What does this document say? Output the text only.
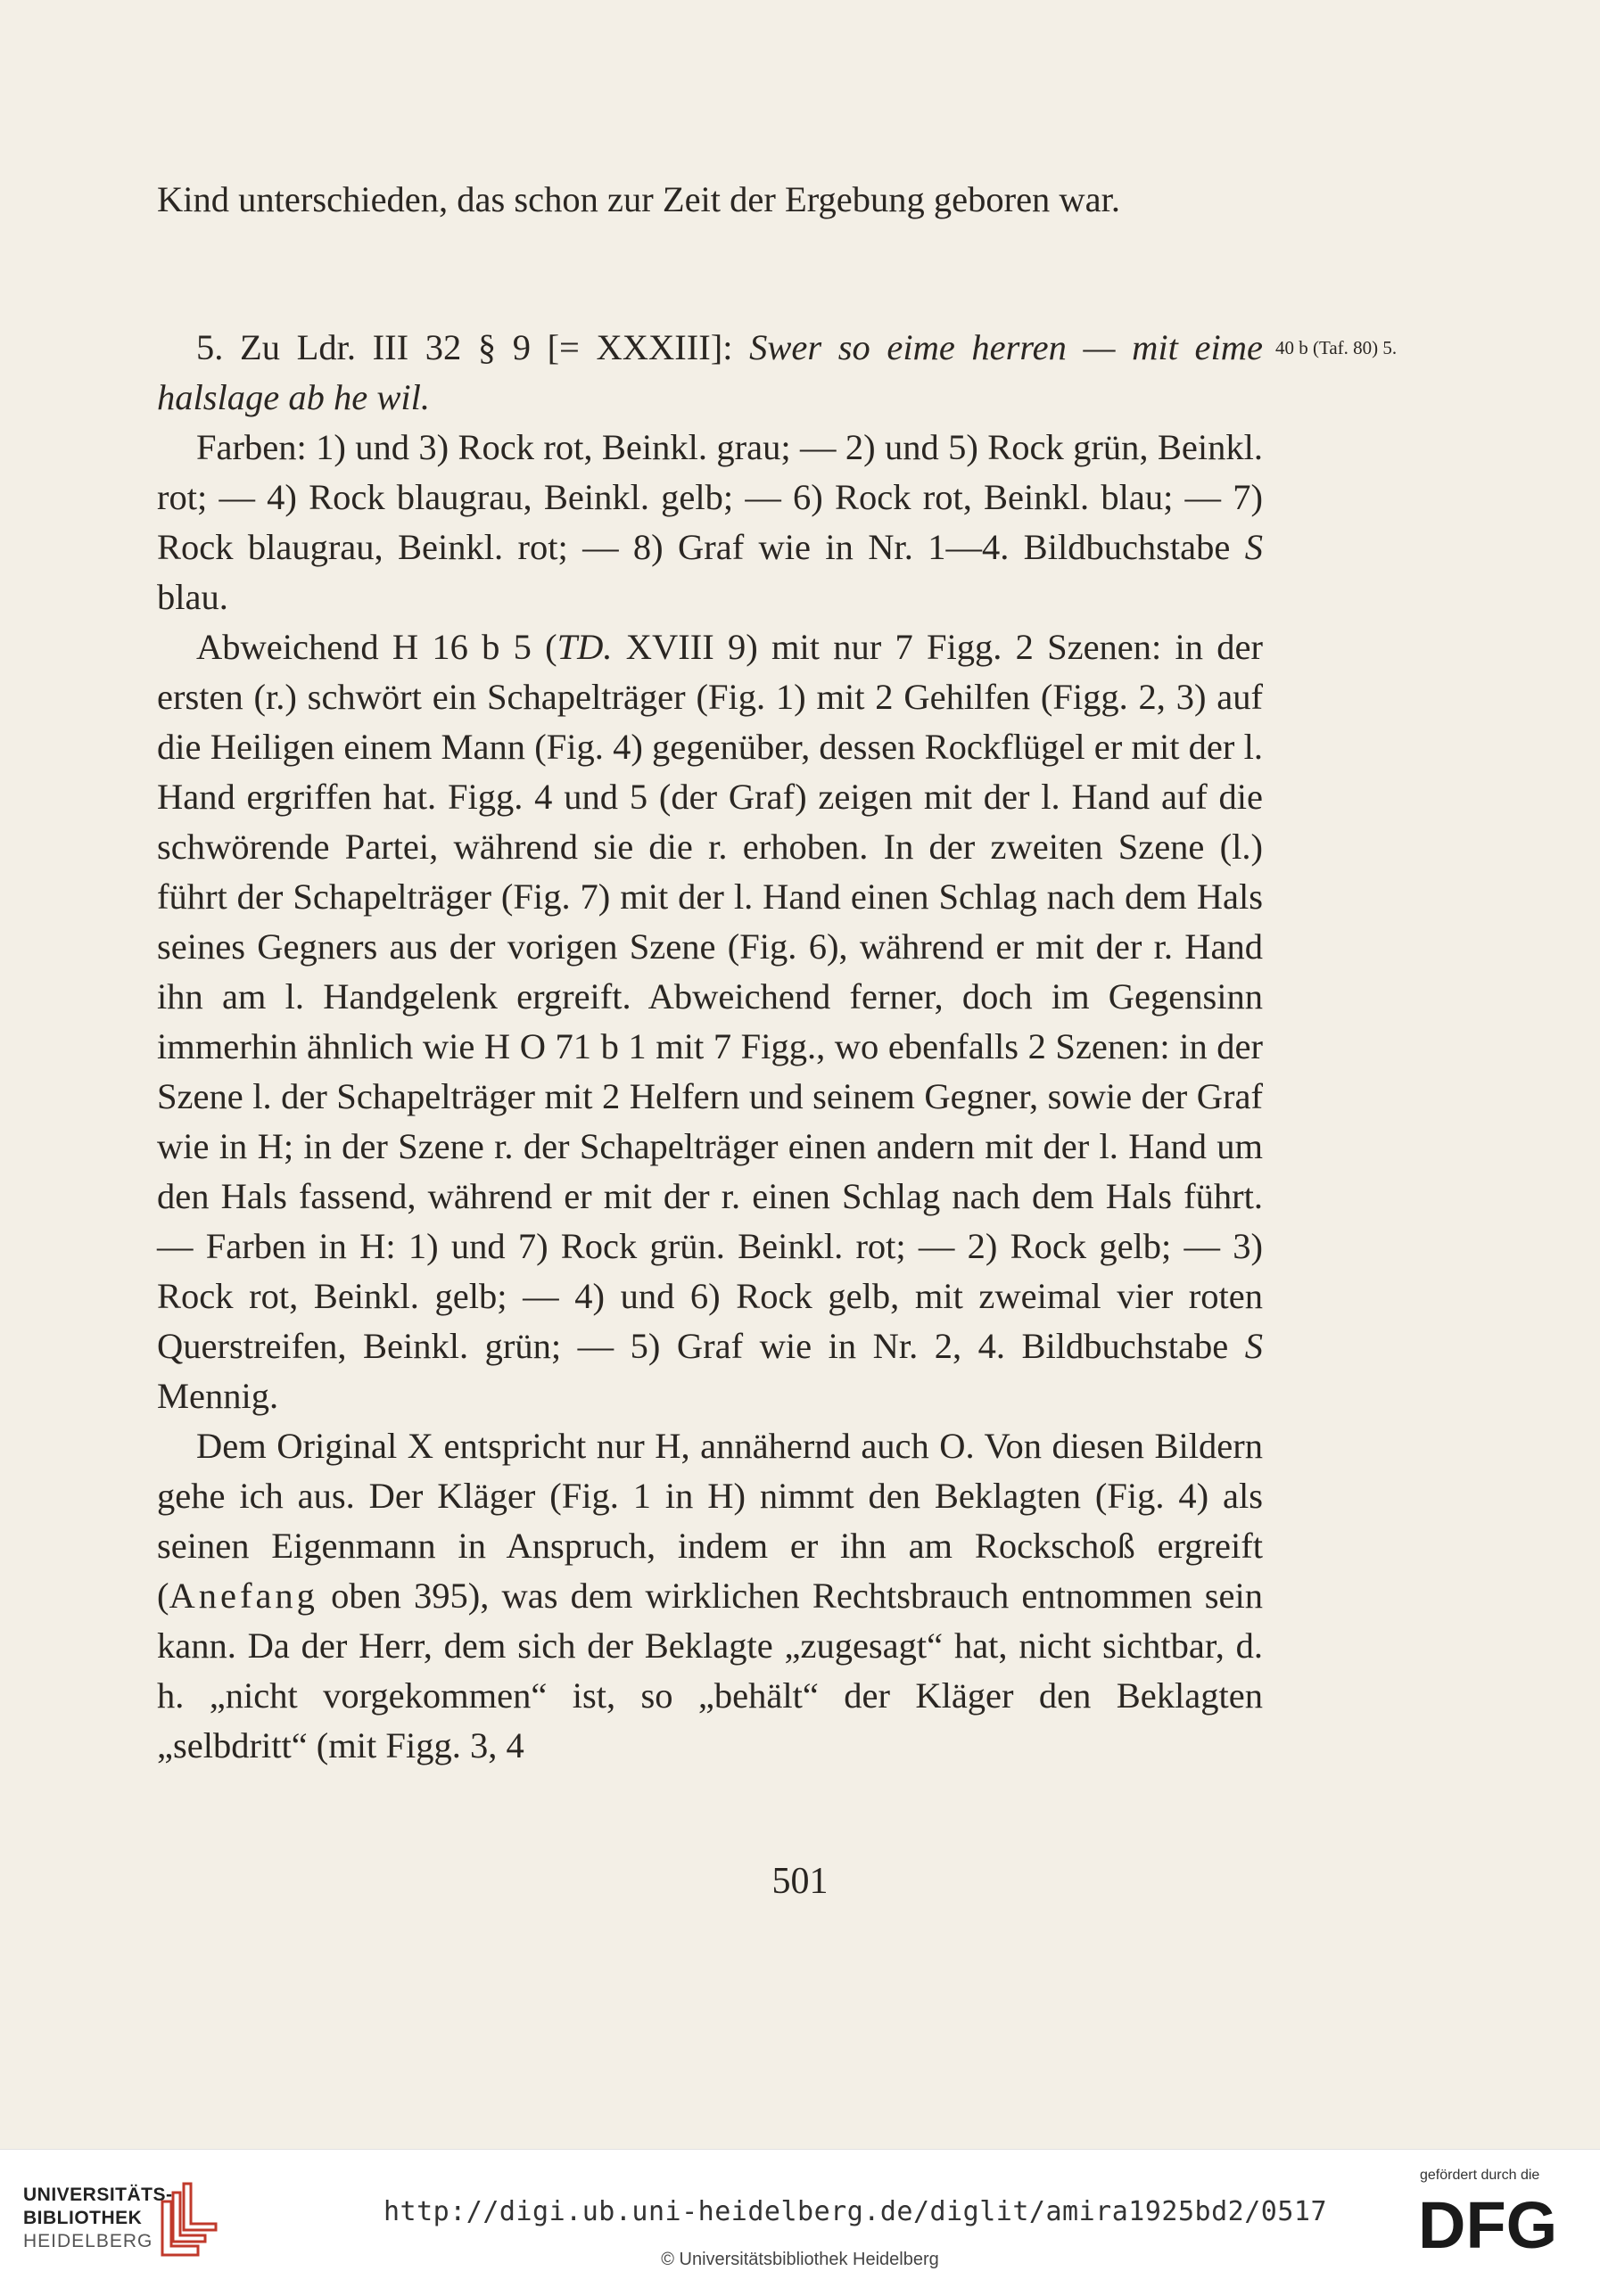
Kind unterschieden, das schon zur Zeit der Ergebung geboren war.

40 b (Taf. 80) 5.

5. Zu Ldr. III 32 § 9 [= XXXIII]: Swer so eime herren — mit eime halslage ab he wil.

Farben: 1) und 3) Rock rot, Beinkl. grau; — 2) und 5) Rock grün, Beinkl. rot; — 4) Rock blaugrau, Beinkl. gelb; — 6) Rock rot, Beinkl. blau; — 7) Rock blaugrau, Beinkl. rot; — 8) Graf wie in Nr. 1—4. Bildbuchstabe S blau.

Abweichend H 16 b 5 (TD. XVIII 9) mit nur 7 Figg. 2 Szenen: in der ersten (r.) schwört ein Schapelträger (Fig. 1) mit 2 Gehilfen (Figg. 2, 3) auf die Heiligen einem Mann (Fig. 4) gegenüber, dessen Rockflügel er mit der l. Hand ergriffen hat. Figg. 4 und 5 (der Graf) zeigen mit der l. Hand auf die schwörende Partei, während sie die r. erhoben. In der zweiten Szene (l.) führt der Schapelträger (Fig. 7) mit der l. Hand einen Schlag nach dem Hals seines Gegners aus der vorigen Szene (Fig. 6), während er mit der r. Hand ihn am l. Handgelenk ergreift. Abweichend ferner, doch im Gegensinn immerhin ähnlich wie H O 71 b 1 mit 7 Figg., wo ebenfalls 2 Szenen: in der Szene l. der Schapelträger mit 2 Helfern und seinem Gegner, sowie der Graf wie in H; in der Szene r. der Schapelträger einen andern mit der l. Hand um den Hals fassend, während er mit der r. einen Schlag nach dem Hals führt. — Farben in H: 1) und 7) Rock grün. Beinkl. rot; — 2) Rock gelb; — 3) Rock rot, Beinkl. gelb; — 4) und 6) Rock gelb, mit zweimal vier roten Querstreifen, Beinkl. grün; — 5) Graf wie in Nr. 2, 4. Bildbuchstabe S Mennig.

Dem Original X entspricht nur H, annähernd auch O. Von diesen Bildern gehe ich aus. Der Kläger (Fig. 1 in H) nimmt den Beklagten (Fig. 4) als seinen Eigenmann in Anspruch, indem er ihn am Rockschoß ergreift (Anefang oben 395), was dem wirklichen Rechtsbrauch entnommen sein kann. Da der Herr, dem sich der Beklagte „zugesagt“ hat, nicht sichtbar, d. h. „nicht vorgekommen“ ist, so „behält“ der Kläger den Beklagten „selbdritt“ (mit Figg. 3, 4

501
UNIVERSITÄTS-
BIBLIOTHEK
HEIDELBERG
http://digi.ub.uni-heidelberg.de/diglit/amira1925bd2/0517
© Universitätsbibliothek Heidelberg
gefördert durch die
DFG
